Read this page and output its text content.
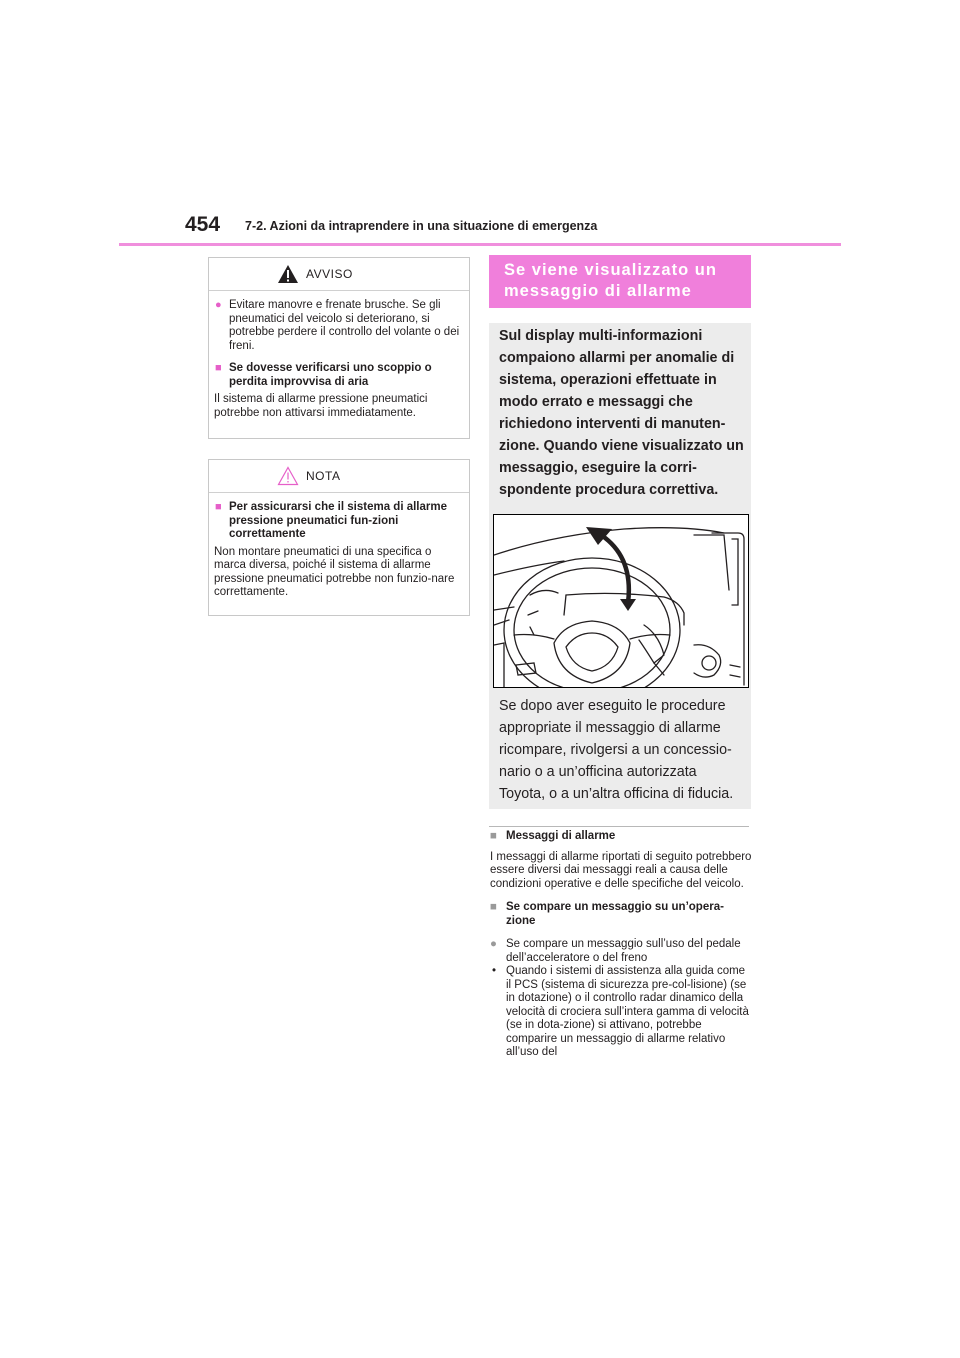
454 7-2. Azioni da intraprendere in una situazione di emergenza
AVVISO
● Evitare manovre e frenate brusche. Se gli pneumatici del veicolo si deteriorano, si potrebbe perdere il controllo del volante o dei freni.
■ Se dovesse verificarsi uno scoppio o perdita improvvisa di aria
Il sistema di allarme pressione pneumatici potrebbe non attivarsi immediatamente.
NOTA
■ Per assicurarsi che il sistema di allarme pressione pneumatici fun-zioni correttamente
Non montare pneumatici di una specifica o marca diversa, poiché il sistema di allarme pressione pneumatici potrebbe non funzio-nare correttamente.
Se viene visualizzato un messaggio di allarme
Sul display multi-informazioni compaiono allarmi per anomalie di sistema, operazioni effettuate in modo errato e messaggi che richiedono interventi di manuten-zione. Quando viene visualizzato un messaggio, eseguire la corri-spondente procedura correttiva.
Se dopo aver eseguito le procedure appropriate il messaggio di allarme ricompare, rivolgersi a un concessio-nario o a un’officina autorizzata Toyota, o a un’altra officina di fiducia.
■ Messaggi di allarme
I messaggi di allarme riportati di seguito potrebbero essere diversi dai messaggi reali a causa delle condizioni operative e delle specifiche del veicolo.
■ Se compare un messaggio su un’opera-zione
● Se compare un messaggio sull’uso del pedale dell’acceleratore o del freno
• Quando i sistemi di assistenza alla guida come il PCS (sistema di sicurezza pre-col-lisione) (se in dotazione) o il controllo radar dinamico della velocità di crociera sull’intera gamma di velocità (se in dota-zione) si attivano, potrebbe comparire un messaggio di allarme relativo all’uso del
